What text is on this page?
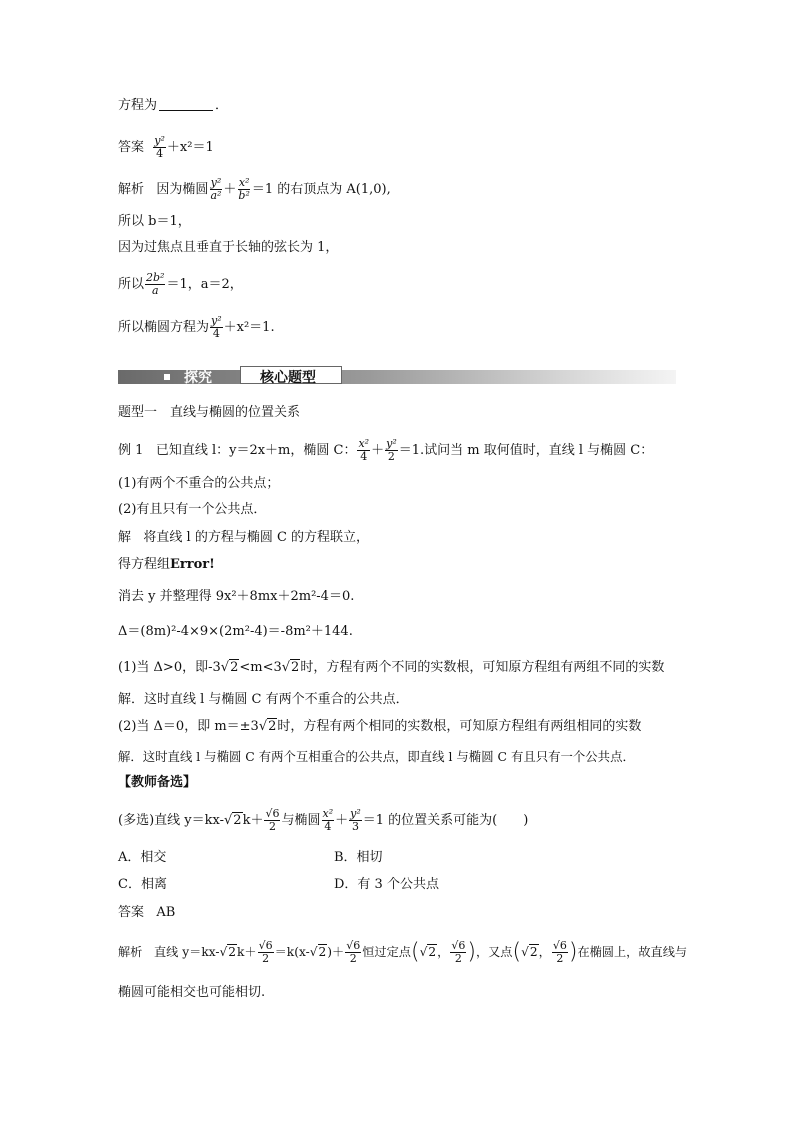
方程为	．
答案 $\frac{\text{y²}}{4} +x^2=1$
解析 因为椭圆 $\frac{\text{y²}}{\text{a²}} + \frac{\text{x²}}{\text{b²}} =1$ 的右顶点为 A(1,0),
所以 b＝1，
因为过焦点且垂直于长轴的弦长为 1，
所以 $\frac{\text{2b²}}{a} =1$，a＝2，
所以椭圆方程为 $\frac{\text{y²}}{4} +x^2=1$.
探究	核心题型
题型一　直线与椭圆的位置关系
例 1 已知直线 l：y＝2x＋m，椭圆 C： $\frac{\text{x²}}{4} + \frac{\text{y²}}{2} =1$.试问当 m 取何值时，直线 l 与椭圆 C：
(1)有两个不重合的公共点；
(2)有且只有一个公共点．
解 将直线 l 的方程与椭圆 C 的方程联立，
得方程组Error!
消去 y 并整理得 9x²＋8mx＋2m²-4＝0.
Δ＝(8m)²-4×9×(2m²-4)＝-8m²＋144.
(1)当 Δ>0，即-3√2<m<3√2时，方程有两个不同的实数根，可知原方程组有两组不同的实数
解．这时直线 l 与椭圆 C 有两个不重合的公共点．
(2)当 Δ＝0，即 m＝±3√2时，方程有两个相同的实数根，可知原方程组有两组相同的实数
解．这时直线 l 与椭圆 C 有两个互相重合的公共点，即直线 l 与椭圆 C 有且只有一个公共点．
【教师备选】
(多选)直线 $y=kx-√2k+ \frac{√6}{2}$ 与椭圆 $\frac{\text{x²}}{4} + \frac{\text{y²}}{3} =1$ 的位置关系可能为(　　)
A．相交	B．相切
C．相离	D．有 3 个公共点
答案 AB
解析 直线 $y=kx-√2k+ \frac{√6}{2} =k(x-√2)+ \frac{√6}{2}$ 恒过定点(√2， $\frac{√6}{2}$ )，又点(√2， $\frac{√6}{2}$ )在椭圆上，故直线与
椭圆可能相交也可能相切.
